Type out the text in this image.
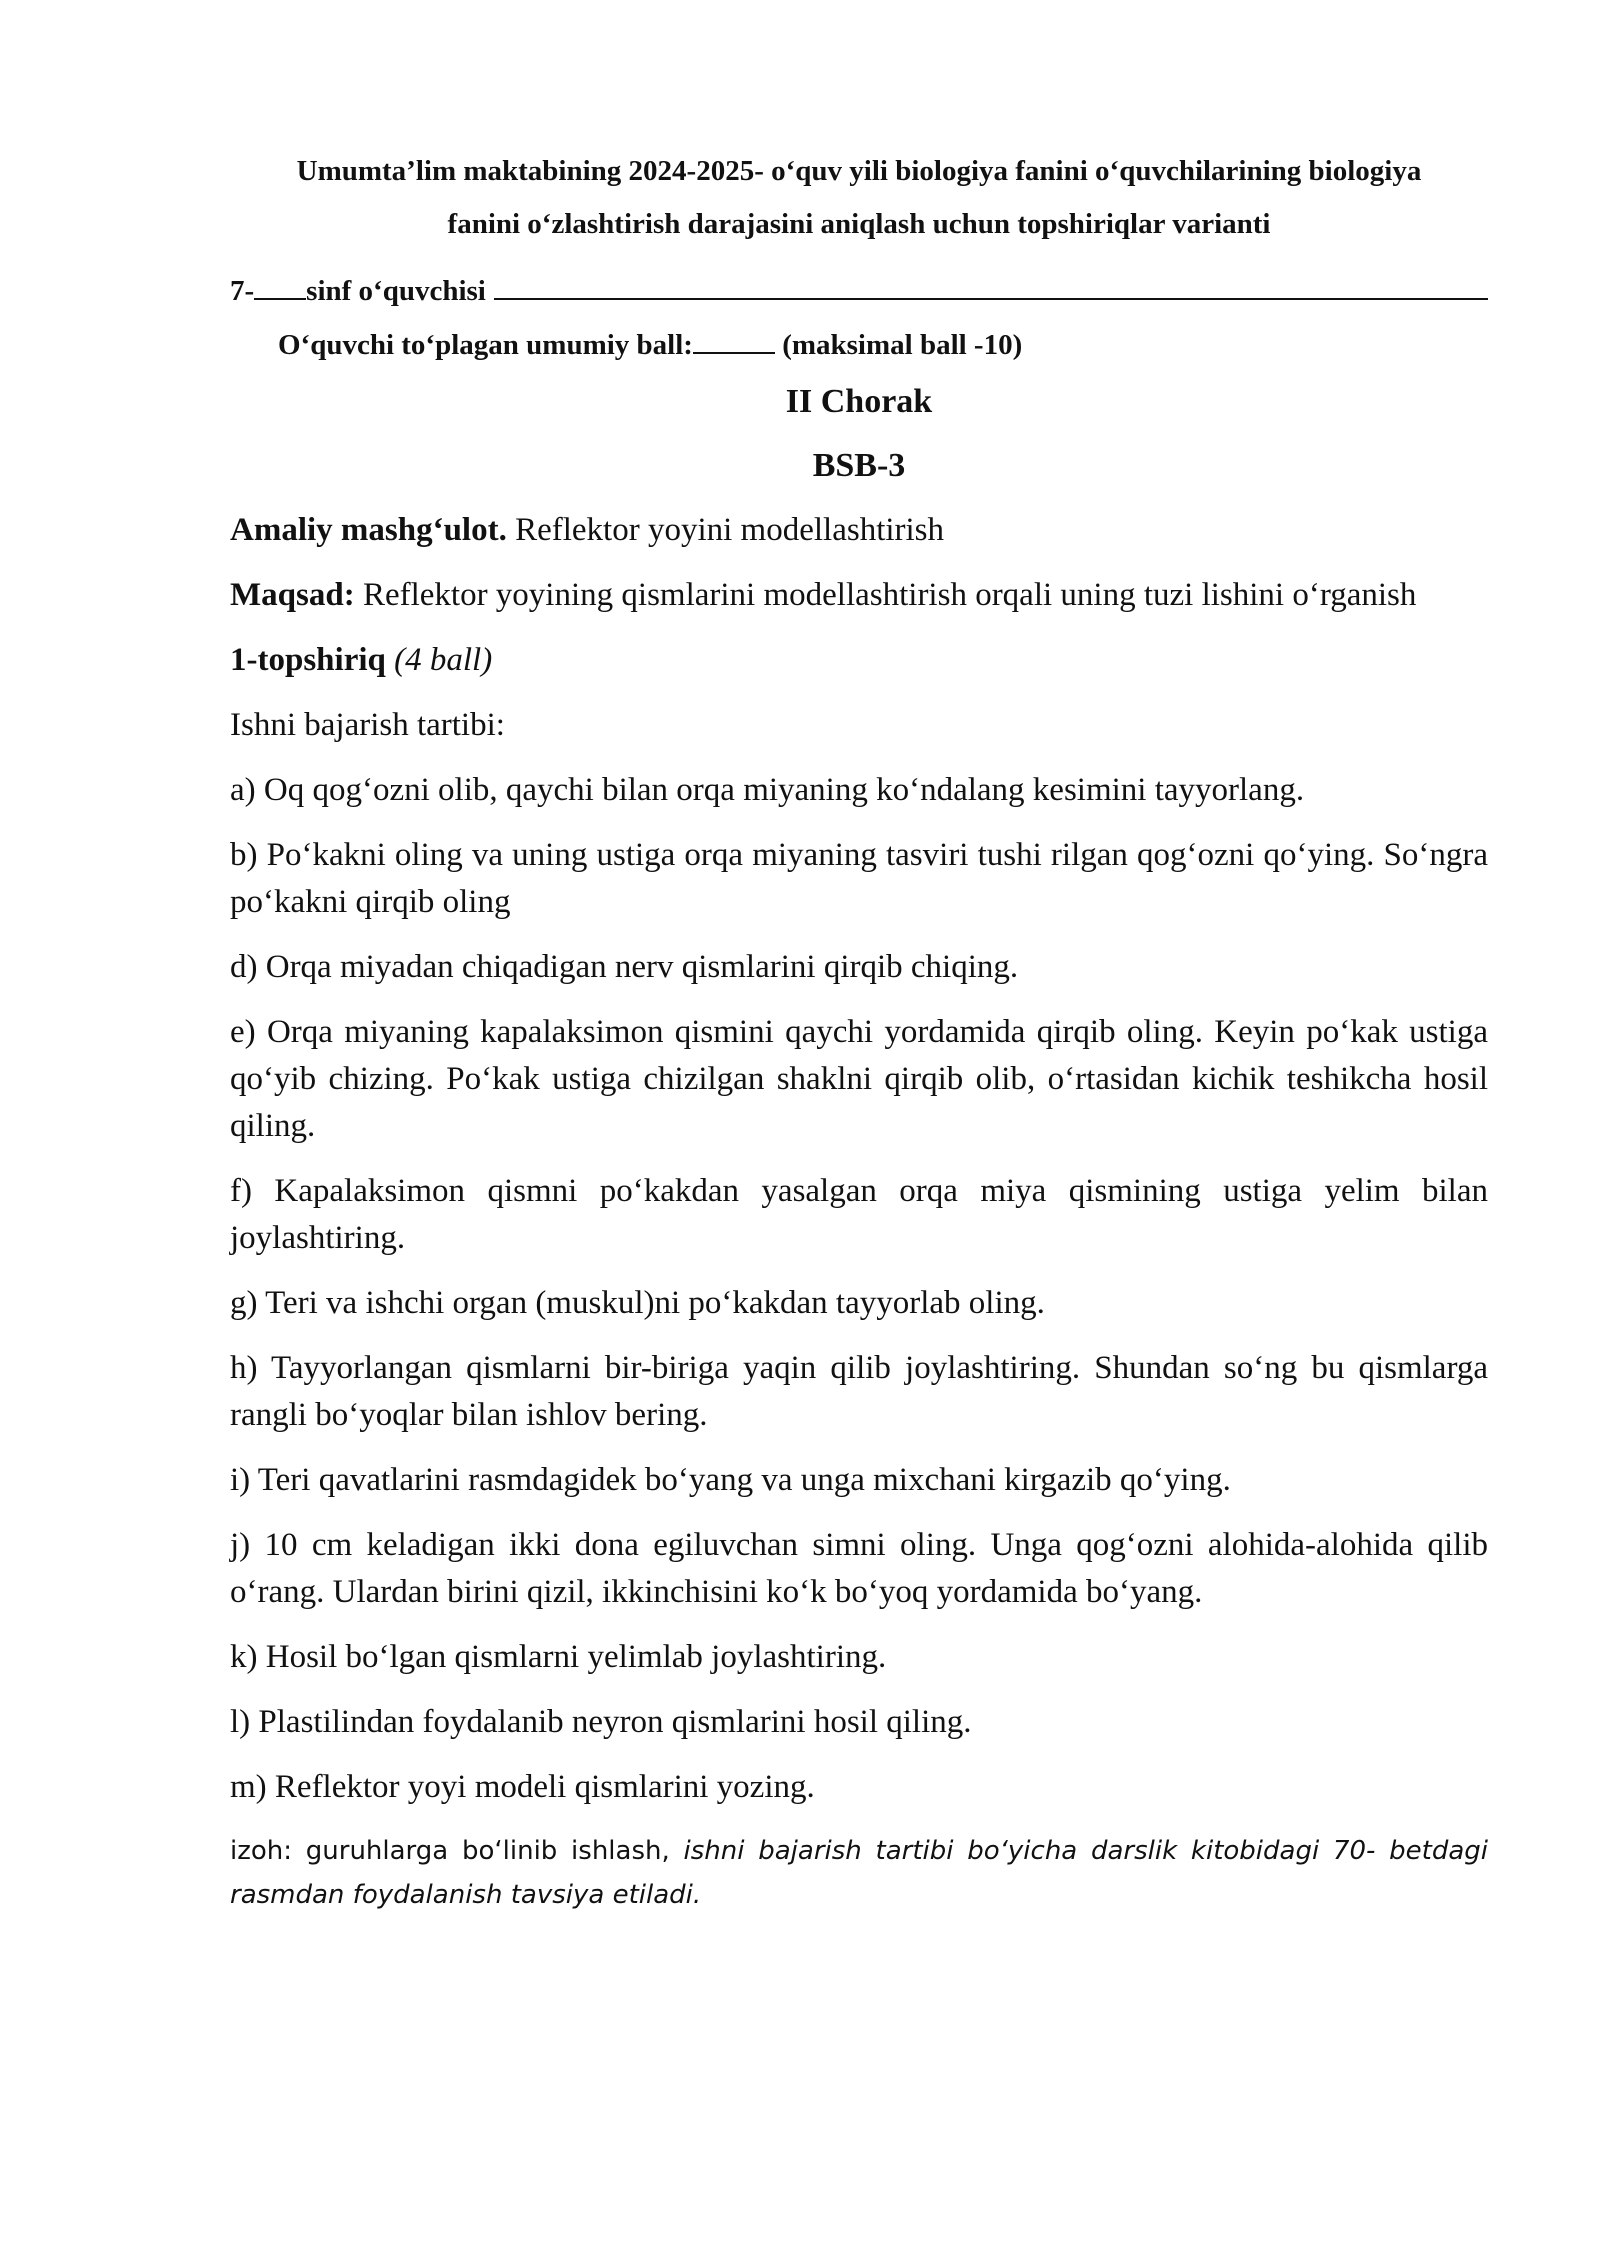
Umumta’lim maktabining 2024-2025- o‘quv yili biologiya fanini o‘quvchilarining biologiya
fanini o‘zlashtirish darajasini aniqlash uchun topshiriqlar varianti

7- sinf o‘quvchisi
O‘quvchi to‘plagan umumiy ball:	(maksimal ball -10)

II Chorak

BSB-3

Amaliy mashg‘ulot. Reflektor yoyini modellashtirish

Maqsad: Reflektor yoyining qismlarini modellashtirish orqali uning tuzi lishini o‘rganish

1-topshiriq (4 ball)

Ishni bajarish tartibi:

a) Oq qog‘ozni olib, qaychi bilan orqa miyaning ko‘ndalang kesimini tayyorlang.

b) Po‘kakni oling va uning ustiga orqa miyaning tasviri tushi rilgan qog‘ozni qo‘ying. So‘ngra po‘kakni qirqib oling

d) Orqa miyadan chiqadigan nerv qismlarini qirqib chiqing.

e) Orqa miyaning kapalaksimon qismini qaychi yordamida qirqib oling. Keyin po‘kak ustiga qo‘yib chizing. Po‘kak ustiga chizilgan shaklni qirqib olib, o‘rtasidan kichik teshikcha hosil qiling.

f) Kapalaksimon qismni po‘kakdan yasalgan orqa miya qismining ustiga yelim bilan joylashtiring.

g) Teri va ishchi organ (muskul)ni po‘kakdan tayyorlab oling.

h) Tayyorlangan qismlarni bir-biriga yaqin qilib joylashtiring. Shundan so‘ng bu qismlarga rangli bo‘yoqlar bilan ishlov bering.

i) Teri qavatlarini rasmdagidek bo‘yang va unga mixchani kirgazib qo‘ying.

j) 10 cm keladigan ikki dona egiluvchan simni oling. Unga qog‘ozni alohida-alohida qilib o‘rang. Ulardan birini qizil, ikkinchisini ko‘k bo‘yoq yordamida bo‘yang.

k) Hosil bo‘lgan qismlarni yelimlab joylashtiring.

l) Plastilindan foydalanib neyron qismlarini hosil qiling.

m) Reflektor yoyi modeli qismlarini yozing.

izoh: guruhlarga bo‘linib ishlash, ishni bajarish tartibi bo‘yicha darslik kitobidagi 70- betdagi rasmdan foydalanish tavsiya etiladi.
